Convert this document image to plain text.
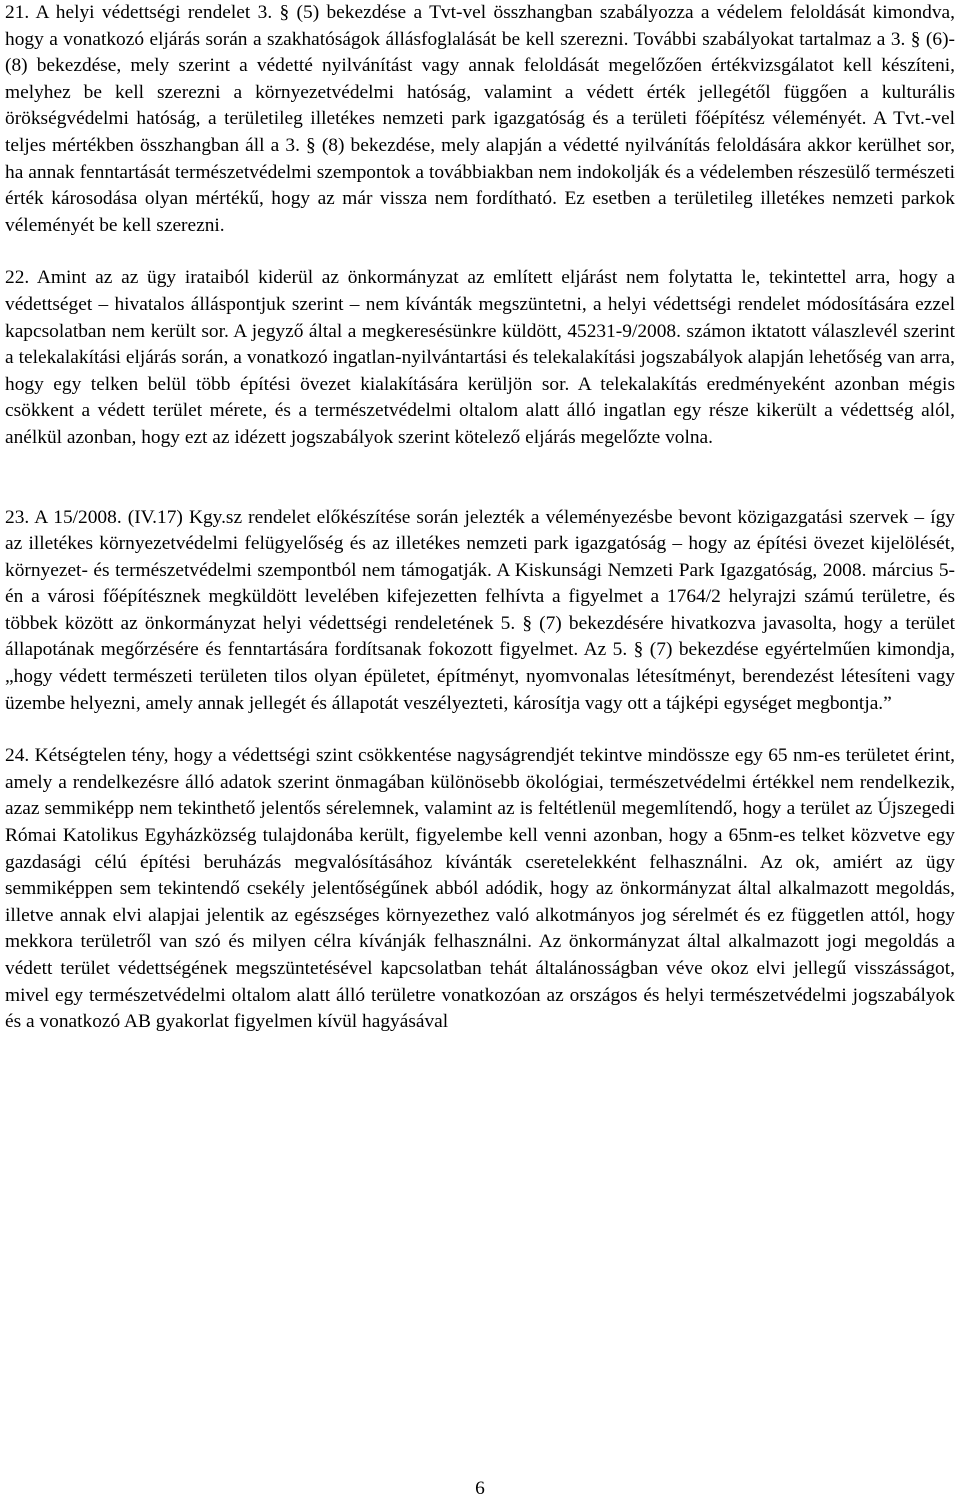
21. A helyi védettségi rendelet 3. § (5) bekezdése a Tvt-vel összhangban szabályozza a védelem feloldását kimondva, hogy a vonatkozó eljárás során a szakhatóságok állásfoglalását be kell szerezni. További szabályokat tartalmaz a 3. § (6)-(8) bekezdése, mely szerint a védetté nyilvánítást vagy annak feloldását megelőzően értékvizsgálatot kell készíteni, melyhez be kell szerezni a környezetvédelmi hatóság, valamint a védett érték jellegétől függően a kulturális örökségvédelmi hatóság, a területileg illetékes nemzeti park igazgatóság és a területi főépítész véleményét. A Tvt.-vel teljes mértékben összhangban áll a 3. § (8) bekezdése, mely alapján a védetté nyilvánítás feloldására akkor kerülhet sor, ha annak fenntartását természetvédelmi szempontok a továbbiakban nem indokolják és a védelemben részesülő természeti érték károsodása olyan mértékű, hogy az már vissza nem fordítható. Ez esetben a területileg illetékes nemzeti parkok véleményét be kell szerezni.

22. Amint az az ügy irataiból kiderül az önkormányzat az említett eljárást nem folytatta le, tekintettel arra, hogy a védettséget – hivatalos álláspontjuk szerint – nem kívánták megszüntetni, a helyi védettségi rendelet módosítására ezzel kapcsolatban nem került sor. A jegyző által a megkeresésünkre küldött, 45231-9/2008. számon iktatott válaszlevél szerint a telekalakítási eljárás során, a vonatkozó ingatlan-nyilvántartási és telekalakítási jogszabályok alapján lehetőség van arra, hogy egy telken belül több építési övezet kialakítására kerüljön sor. A telekalakítás eredményeként azonban mégis csökkent a védett terület mérete, és a természetvédelmi oltalom alatt álló ingatlan egy része kikerült a védettség alól, anélkül azonban, hogy ezt az idézett jogszabályok szerint kötelező eljárás megelőzte volna.

23. A 15/2008. (IV.17) Kgy.sz rendelet előkészítése során jelezték a véleményezésbe bevont közigazgatási szervek – így az illetékes környezetvédelmi felügyelőség és az illetékes nemzeti park igazgatóság – hogy az építési övezet kijelölését, környezet- és természetvédelmi szempontból nem támogatják. A Kiskunsági Nemzeti Park Igazgatóság, 2008. március 5-én a városi főépítésznek megküldött levelében kifejezetten felhívta a figyelmet a 1764/2 helyrajzi számú területre, és többek között az önkormányzat helyi védettségi rendeletének 5. § (7) bekezdésére hivatkozva javasolta, hogy a terület állapotának megőrzésére és fenntartására fordítsanak fokozott figyelmet. Az 5. § (7) bekezdése egyértelműen kimondja, „hogy védett természeti területen tilos olyan épületet, építményt, nyomvonalas létesítményt, berendezést létesíteni vagy üzembe helyezni, amely annak jellegét és állapotát veszélyezteti, károsítja vagy ott a tájképi egységet megbontja.”

24. Kétségtelen tény, hogy a védettségi szint csökkentése nagyságrendjét tekintve mindössze egy 65 nm-es területet érint, amely a rendelkezésre álló adatok szerint önmagában különösebb ökológiai, természetvédelmi értékkel nem rendelkezik, azaz semmiképp nem tekinthető jelentős sérelemnek, valamint az is feltétlenül megemlítendő, hogy a terület az Újszegedi Római Katolikus Egyházközség tulajdonába került, figyelembe kell venni azonban, hogy a 65nm-es telket közvetve egy gazdasági célú építési beruházás megvalósításához kívánták cseretelekként felhasználni. Az ok, amiért az ügy semmiképpen sem tekintendő csekély jelentőségűnek abból adódik, hogy az önkormányzat által alkalmazott megoldás, illetve annak elvi alapjai jelentik az egészséges környezethez való alkotmányos jog sérelmét és ez független attól, hogy mekkora területről van szó és milyen célra kívánják felhasználni. Az önkormányzat által alkalmazott jogi megoldás a védett terület védettségének megszüntetésével kapcsolatban tehát általánosságban véve okoz elvi jellegű visszásságot, mivel egy természetvédelmi oltalom alatt álló területre vonatkozóan az országos és helyi természetvédelmi jogszabályok és a vonatkozó AB gyakorlat figyelmen kívül hagyásával

6
